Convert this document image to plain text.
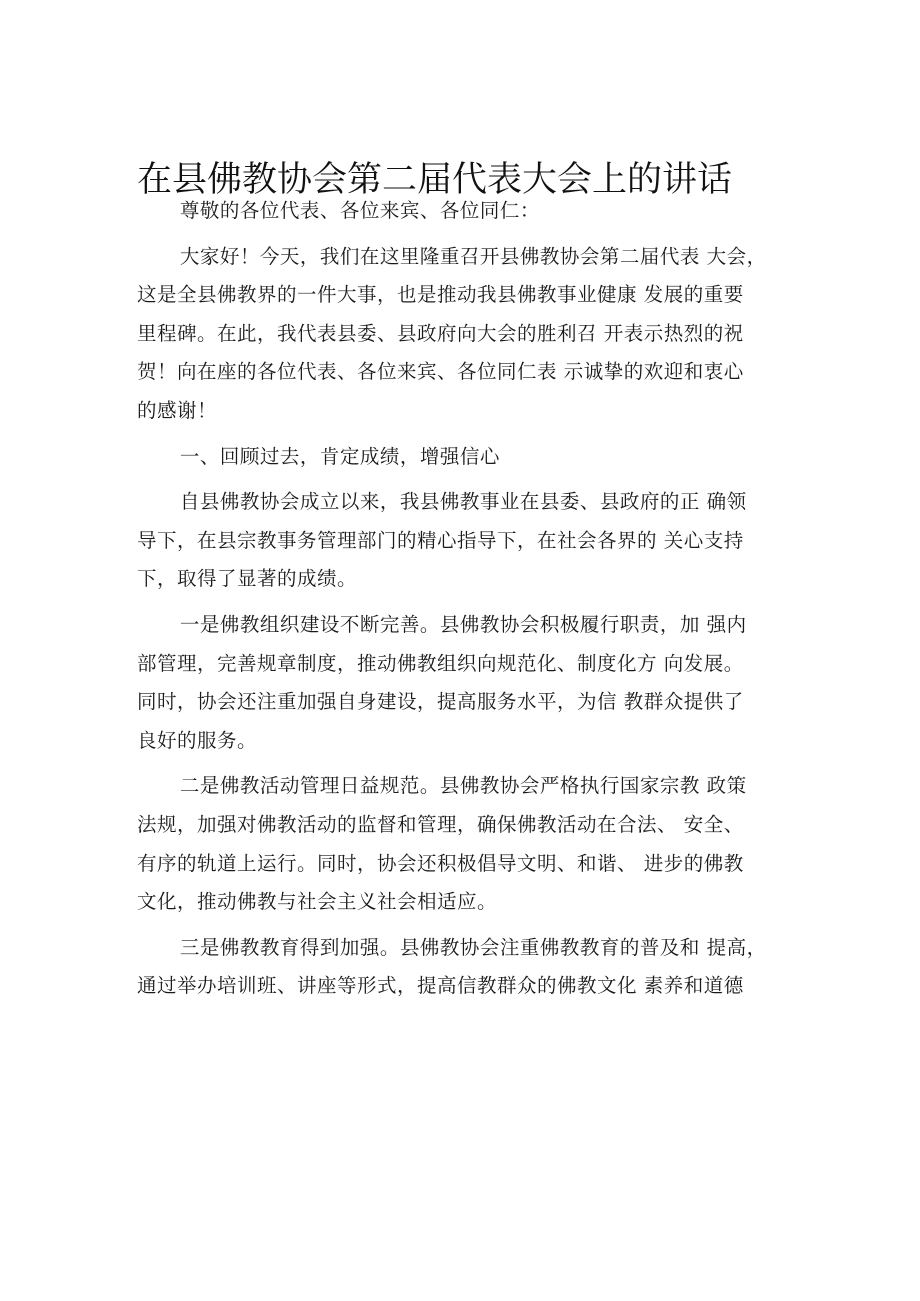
在县佛教协会第二届代表大会上的讲话

尊敬的各位代表、各位来宾、各位同仁：

大家好！今天，我们在这里隆重召开县佛教协会第二届代表 大会，
这是全县佛教界的一件大事，也是推动我县佛教事业健康 发展的重要
里程碑。在此，我代表县委、县政府向大会的胜利召 开表示热烈的祝
贺！向在座的各位代表、各位来宾、各位同仁表 示诚挚的欢迎和衷心
的感谢！

一、回顾过去，肯定成绩，增强信心

自县佛教协会成立以来，我县佛教事业在县委、县政府的正 确领
导下，在县宗教事务管理部门的精心指导下，在社会各界的 关心支持
下，取得了显著的成绩。

一是佛教组织建设不断完善。县佛教协会积极履行职责，加 强内
部管理，完善规章制度，推动佛教组织向规范化、制度化方 向发展。
同时，协会还注重加强自身建设，提高服务水平，为信 教群众提供了
良好的服务。

二是佛教活动管理日益规范。县佛教协会严格执行国家宗教 政策
法规，加强对佛教活动的监督和管理，确保佛教活动在合法、 安全、
有序的轨道上运行。同时，协会还积极倡导文明、和谐、 进步的佛教
文化，推动佛教与社会主义社会相适应。

三是佛教教育得到加强。县佛教协会注重佛教教育的普及和 提高，
通过举办培训班、讲座等形式，提高信教群众的佛教文化 素养和道德
